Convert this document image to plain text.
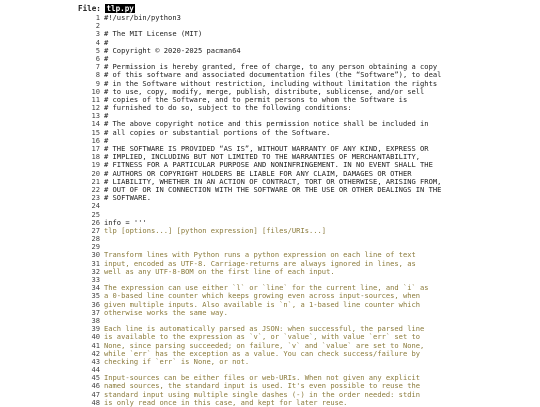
File: tlp.py
1 #!/usr/bin/python3
2
3 # The MIT License (MIT)
4 #
5 # Copyright © 2020-2025 pacman64
6 #
7 # Permission is hereby granted, free of charge, to any person obtaining a copy
8 # of this software and associated documentation files (the “Software”), to deal
9 # in the Software without restriction, including without limitation the rights
10 # to use, copy, modify, merge, publish, distribute, sublicense, and/or sell
11 # copies of the Software, and to permit persons to whom the Software is
12 # furnished to do so, subject to the following conditions:
13 #
14 # The above copyright notice and this permission notice shall be included in
15 # all copies or substantial portions of the Software.
16 #
17 # THE SOFTWARE IS PROVIDED “AS IS”, WITHOUT WARRANTY OF ANY KIND, EXPRESS OR
18 # IMPLIED, INCLUDING BUT NOT LIMITED TO THE WARRANTIES OF MERCHANTABILITY,
19 # FITNESS FOR A PARTICULAR PURPOSE AND NONINFRINGEMENT. IN NO EVENT SHALL THE
20 # AUTHORS OR COPYRIGHT HOLDERS BE LIABLE FOR ANY CLAIM, DAMAGES OR OTHER
21 # LIABILITY, WHETHER IN AN ACTION OF CONTRACT, TORT OR OTHERWISE, ARISING FROM,
22 # OUT OF OR IN CONNECTION WITH THE SOFTWARE OR THE USE OR OTHER DEALINGS IN THE
23 # SOFTWARE.
24
25
26 info = '''
27 tlp [options...] [python expression] [files/URIs...]
28
29
30 Transform lines with Python runs a python expression on each line of text
31 input, encoded as UTF-8. Carriage-returns are always ignored in lines, as
32 well as any UTF-8-BOM on the first line of each input.
33
34 The expression can use either `l` or `line` for the current line, and `i` as
35 a 0-based line counter which keeps growing even across input-sources, when
36 given multiple inputs. Also available is `n`, a 1-based line counter which
37 otherwise works the same way.
38
39 Each line is automatically parsed as JSON: when successful, the parsed line
40 is available to the expression as `v`, or `value`, with value `err` set to
41 None, since parsing succeeded; on failure, `v` and `value` are set to None,
42 while `err` has the exception as a value. You can check success/failure by
43 checking if `err` is None, or not.
44
45 Input-sources can be either files or web-URIs. When not given any explicit
46 named sources, the standard input is used. It's even possible to reuse the
47 standard input using multiple single dashes (-) in the order needed: stdin
48 is only read once in this case, and kept for later reuse.
